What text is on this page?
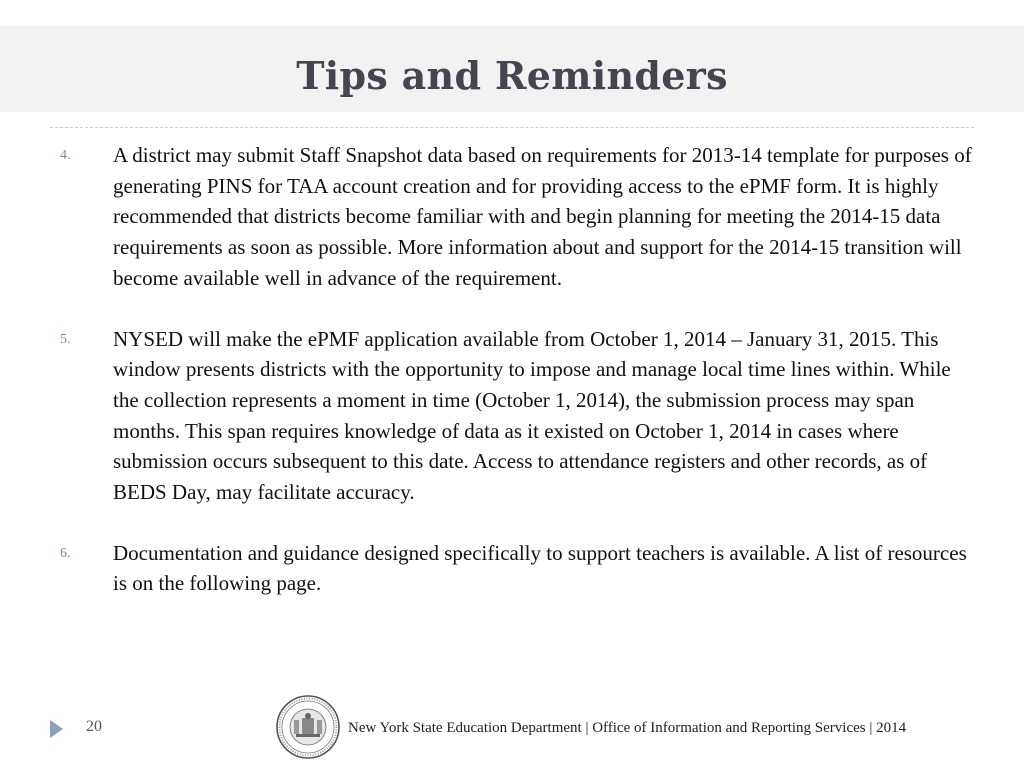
Tips and Reminders
4. A district may submit Staff Snapshot data based on requirements for 2013-14 template for purposes of generating PINS for TAA account creation and for providing access to the ePMF form. It is highly recommended that districts become familiar with and begin planning for meeting the 2014-15 data requirements as soon as possible. More information about and support for the 2014-15 transition will become available well in advance of the requirement.
5. NYSED will make the ePMF application available from October 1, 2014 – January 31, 2015. This window presents districts with the opportunity to impose and manage local time lines within. While the collection represents a moment in time (October 1, 2014), the submission process may span months. This span requires knowledge of data as it existed on October 1, 2014 in cases where submission occurs subsequent to this date. Access to attendance registers and other records, as of BEDS Day, may facilitate accuracy.
6. Documentation and guidance designed specifically to support teachers is available. A list of resources is on the following page.
20	New York State Education Department | Office of Information and Reporting Services | 2014
